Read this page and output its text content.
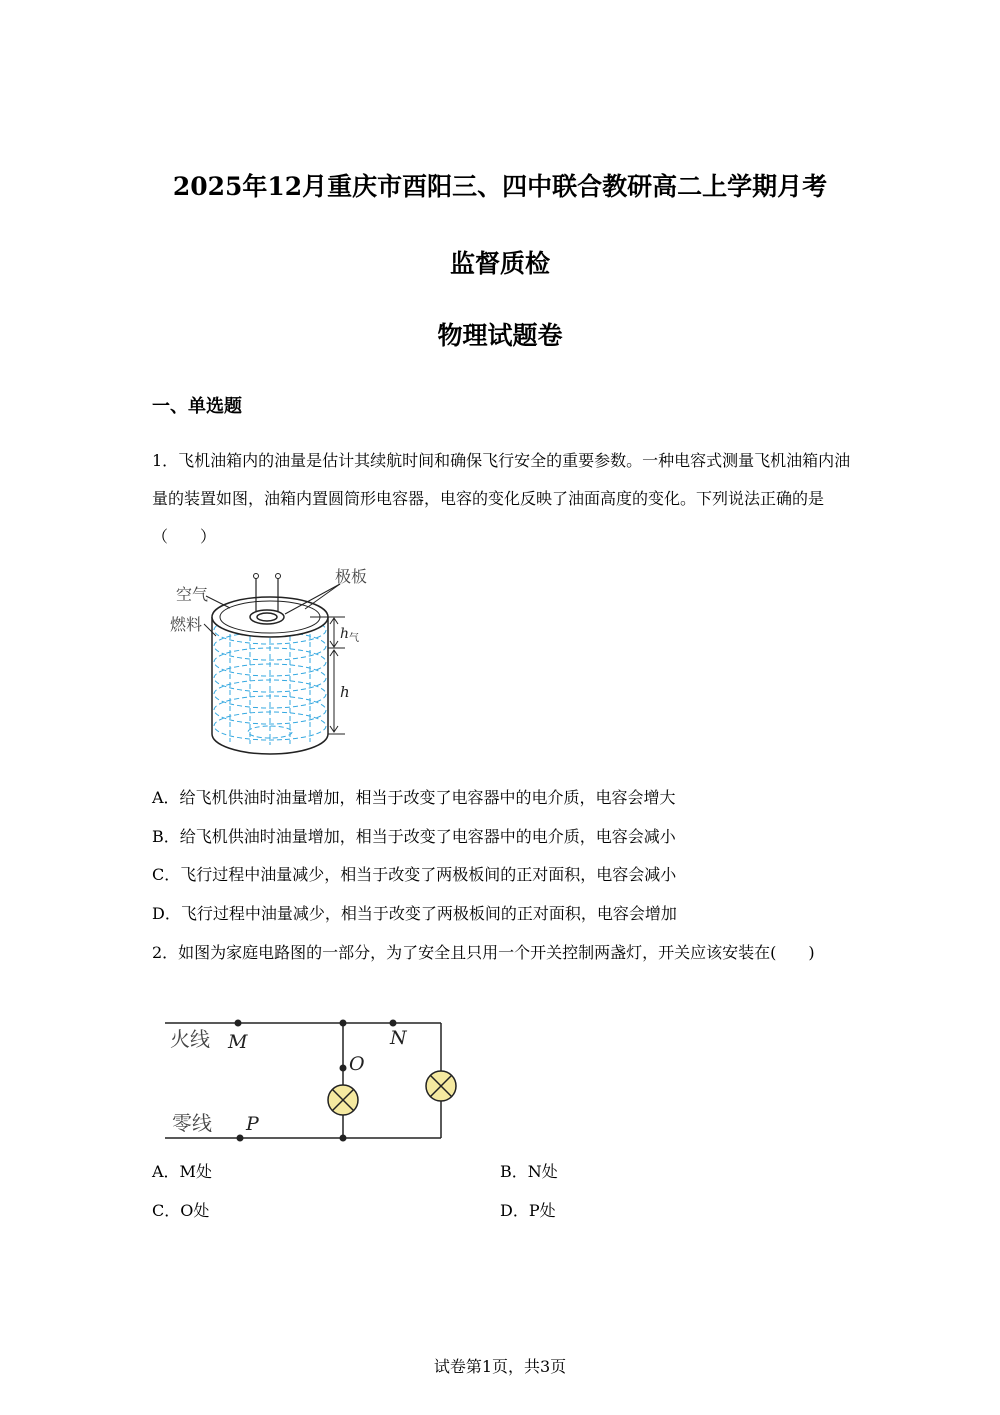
2025年12月重庆市酉阳三、四中联合教研高二上学期月考
监督质检
物理试题卷
一、单选题
1．飞机油箱内的油量是估计其续航时间和确保飞行安全的重要参数。一种电容式测量飞机油箱内油量的装置如图，油箱内置圆筒形电容器，电容的变化反映了油面高度的变化。下列说法正确的是（　　）
极板
空气
燃料	$h_气$
h
A．给飞机供油时油量增加，相当于改变了电容器中的电介质，电容会增大
B．给飞机供油时油量增加，相当于改变了电容器中的电介质，电容会减小
C．飞行过程中油量减少，相当于改变了两极板间的正对面积，电容会减小
D．飞行过程中油量减少，相当于改变了两极板间的正对面积，电容会增加
2．如图为家庭电路图的一部分，为了安全且只用一个开关控制两盏灯，开关应该安装在(　　)
火线
零线
M	N
O
P
A．M处	B．N处
C．O处	D．P处
试卷第1页，共3页
